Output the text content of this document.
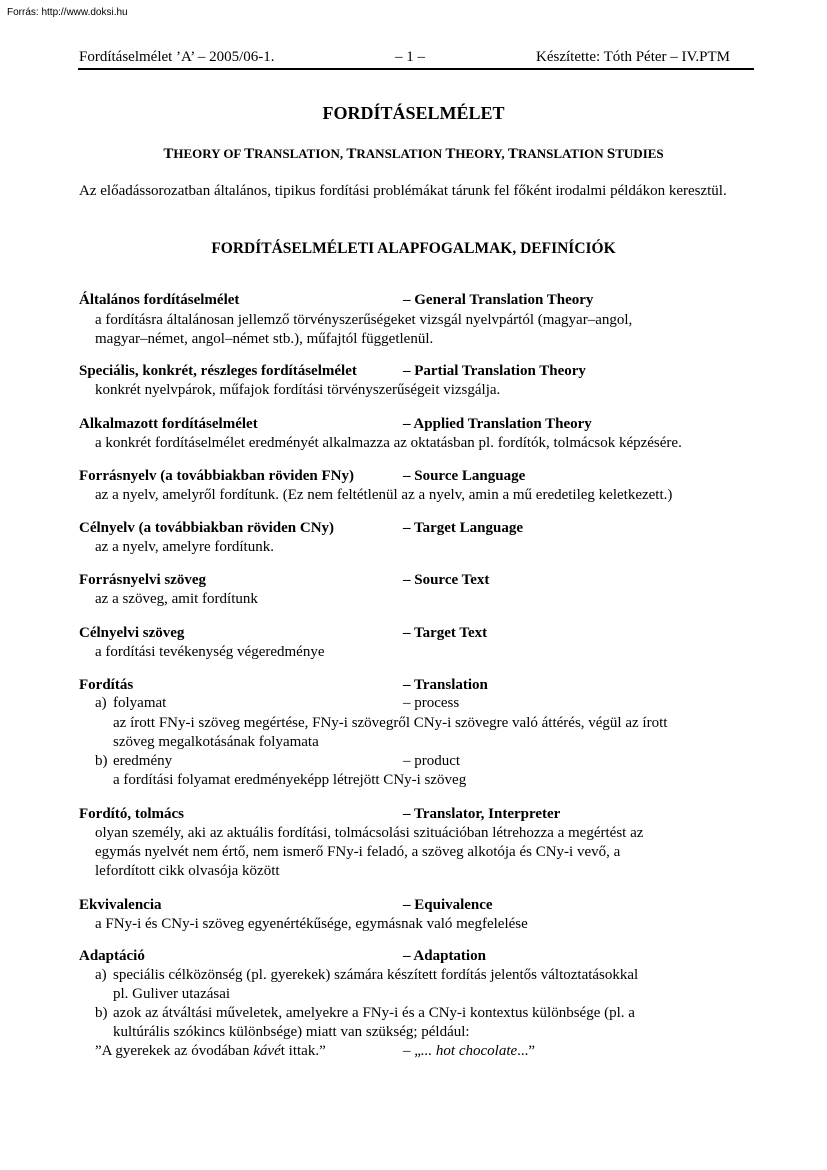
Forrás: http://www.doksi.hu
Fordításelmélet ’A’ – 2005/06-1.	– 1 –	Készítette: Tóth Péter – IV.PTM
FORDÍTÁSELMÉLET
THEORY OF TRANSLATION, TRANSLATION THEORY, TRANSLATION STUDIES
Az előadássorozatban általános, tipikus fordítási problémákat tárunk fel főként irodalmi példákon keresztül.
FORDÍTÁSELMÉLETI ALAPFOGALMAK, DEFINÍCIÓK
Általános fordításelmélet	– General Translation Theory
a fordításra általánosan jellemző törvényszerűségeket vizsgál nyelvpártól (magyar–angol,
magyar–német, angol–német stb.), műfajtól függetlenül.
Speciális, konkrét, részleges fordításelmélet	– Partial Translation Theory
konkrét nyelvpárok, műfajok fordítási törvényszerűségeit vizsgálja.
Alkalmazott fordításelmélet	– Applied Translation Theory
a konkrét fordításelmélet eredményét alkalmazza az oktatásban pl. fordítók, tolmácsok képzésére.
Forrásnyelv (a továbbiakban röviden FNy)	– Source Language
az a nyelv, amelyről fordítunk. (Ez nem feltétlenül az a nyelv, amin a mű eredetileg keletkezett.)
Célnyelv (a továbbiakban röviden CNy)	– Target Language
az a nyelv, amelyre fordítunk.
Forrásnyelvi szöveg	– Source Text
az a szöveg, amit fordítunk
Célnyelvi szöveg	– Target Text
a fordítási tevékenység végeredménye
Fordítás	– Translation
a) folyamat	– process
az írott FNy-i szöveg megértése, FNy-i szövegről CNy-i szövegre való áttérés, végül az írott
szöveg megalkotásának folyamata
b) eredmény	– product
a fordítási folyamat eredményeképp létrejött CNy-i szöveg
Fordító, tolmács	– Translator, Interpreter
olyan személy, aki az aktuális fordítási, tolmácsolási szituációban létrehozza a megértést az
egymás nyelvét nem értő, nem ismerő FNy-i feladó, a szöveg alkotója és CNy-i vevő, a
lefordított cikk olvasója között
Ekvivalencia	– Equivalence
a FNy-i és CNy-i szöveg egyenértékűsége, egymásnak való megfelelése
Adaptáció	– Adaptation
a) speciális célközönség (pl. gyerekek) számára készített fordítás jelentős változtatásokkal
pl. Guliver utazásai
b) azok az átváltási műveletek, amelyekre a FNy-i és a CNy-i kontextus különbsége (pl. a
kultúrális szókincs különbsége) miatt van szükség; például:
”A gyerekek az óvodában kávét ittak.”	– „... hot chocolate...”
